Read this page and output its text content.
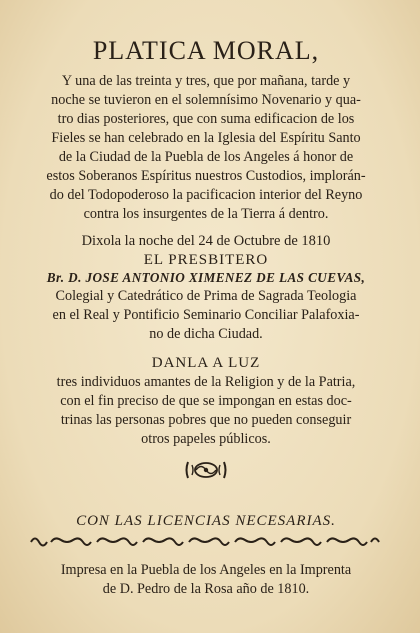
PLATICA MORAL,

Y una de las treinta y tres, que por mañana, tarde y

noche se tuvieron en el solemnísimo Novenario y qua-

tro dias posteriores, que con suma edificacion de los

Fieles se han celebrado en la Iglesia del Espíritu Santo

de la Ciudad de la Puebla de los Angeles á honor de

estos Soberanos Espíritus nuestros Custodios, implorán-

do del Todopoderoso la pacificacion interior del Reyno

contra los insurgentes de la Tierra á dentro.

Dixola la noche del 24 de Octubre de 1810
EL PRESBITERO
Br. D. JOSE ANTONIO XIMENEZ DE LAS CUEVAS,

Colegial y Catedrático de Prima de Sagrada Teologia

en el Real y Pontificio Seminario Conciliar Palafoxia-

no de dicha Ciudad.

DANLA A LUZ

tres individuos amantes de la Religion y de la Patria,

con el fin preciso de que se impongan en estas doc-

trinas las personas pobres que no pueden conseguir

otros papeles públicos.

CON LAS LICENCIAS NECESARIAS.
Impresa en la Puebla de los Angeles en la Imprenta
de D. Pedro de la Rosa año de 1810.
